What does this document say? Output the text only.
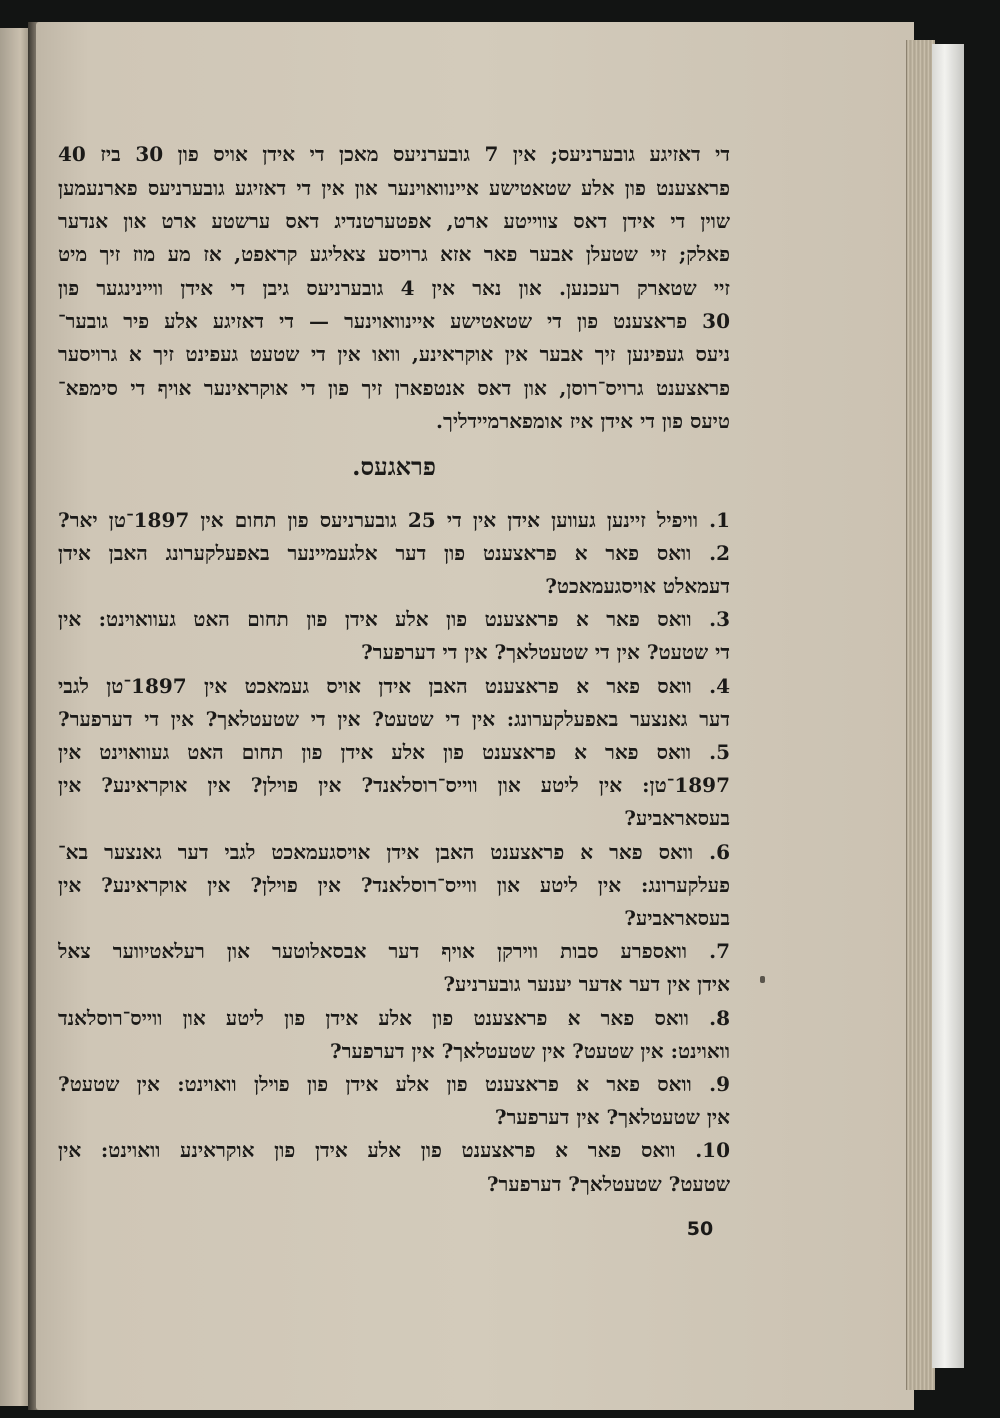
די דאזיגע גובערניעס; אין 7 גובערניעס מאכן די אידן אויס פון 30 ביז 40
פראצענט פון אלע שטאטישע איינוואוינער און אין די דאזיגע גובערניעס פארנעמען
שוין די אידן דאס צווייטע ארט, אפטערטנדיג דאס ערשטע ארט און אנדער
פאלק; זיי שטעלן אבער פאר אזא גרויסע צאליגע קראפט, אז מע מוז זיך מיט
זיי שטארק רעכנען. און נאר אין 4 גובערניעס גיבן די אידן וויינינגער פון
30 פראצענט פון די שטאטישע איינוואוינער — די דאזיגע אלע פיר גובער־
ניעס געפינען זיך אבער אין אוקראינע, וואו אין די שטעט געפינט זיך א גרויסער
פראצענט גרויס־רוסן, און דאס אנטפארן זיך פון די אוקראינער אויף די סימפא־
טיעס פון די אידן איז אומפארמיידליך.
פראגעס.
1. וויפיל זיינען געווען אידן אין די 25 גובערניעס פון תחום אין 1897־טן יאר?
2. וואס פאר א פראצענט פון דער אלגעמיינער באפעלקערונג האבן אידן
דעמאלט אויסגעמאכט?
3. וואס פאר א פראצענט פון אלע אידן פון תחום האט געוואוינט: אין
די שטעט? אין די שטעטלאך? אין די דערפער?
4. וואס פאר א פראצענט האבן אידן אויס געמאכט אין 1897־טן לגבי
דער גאנצער באפעלקערונג: אין די שטעט? אין די שטעטלאך? אין די דערפער?
5. וואס פאר א פראצענט פון אלע אידן פון תחום האט געוואוינט אין
1897־טן: אין ליטע און ווייס־רוסלאנד? אין פוילן? אין אוקראינע? אין
בעסאראביע?
6. וואס פאר א פראצענט האבן אידן אויסגעמאכט לגבי דער גאנצער בא־
פעלקערונג: אין ליטע און ווייס־רוסלאנד? אין פוילן? אין אוקראינע? אין
בעסאראביע?
7. וואספרע סבות ווירקן אויף דער אבסאלוטער און רעלאטיווער צאל
אידן אין דער אדער יענער גובערניע?
8. וואס פאר א פראצענט פון אלע אידן פון ליטע און ווייס־רוסלאנד
וואוינט: אין שטעט? אין שטעטלאך? אין דערפער?
9. וואס פאר א פראצענט פון אלע אידן פון פוילן וואוינט: אין שטעט?
אין שטעטלאך? אין דערפער?
10. וואס פאר א פראצענט פון אלע אידן פון אוקראינע וואוינט: אין
שטעט? שטעטלאך? דערפער?
50
